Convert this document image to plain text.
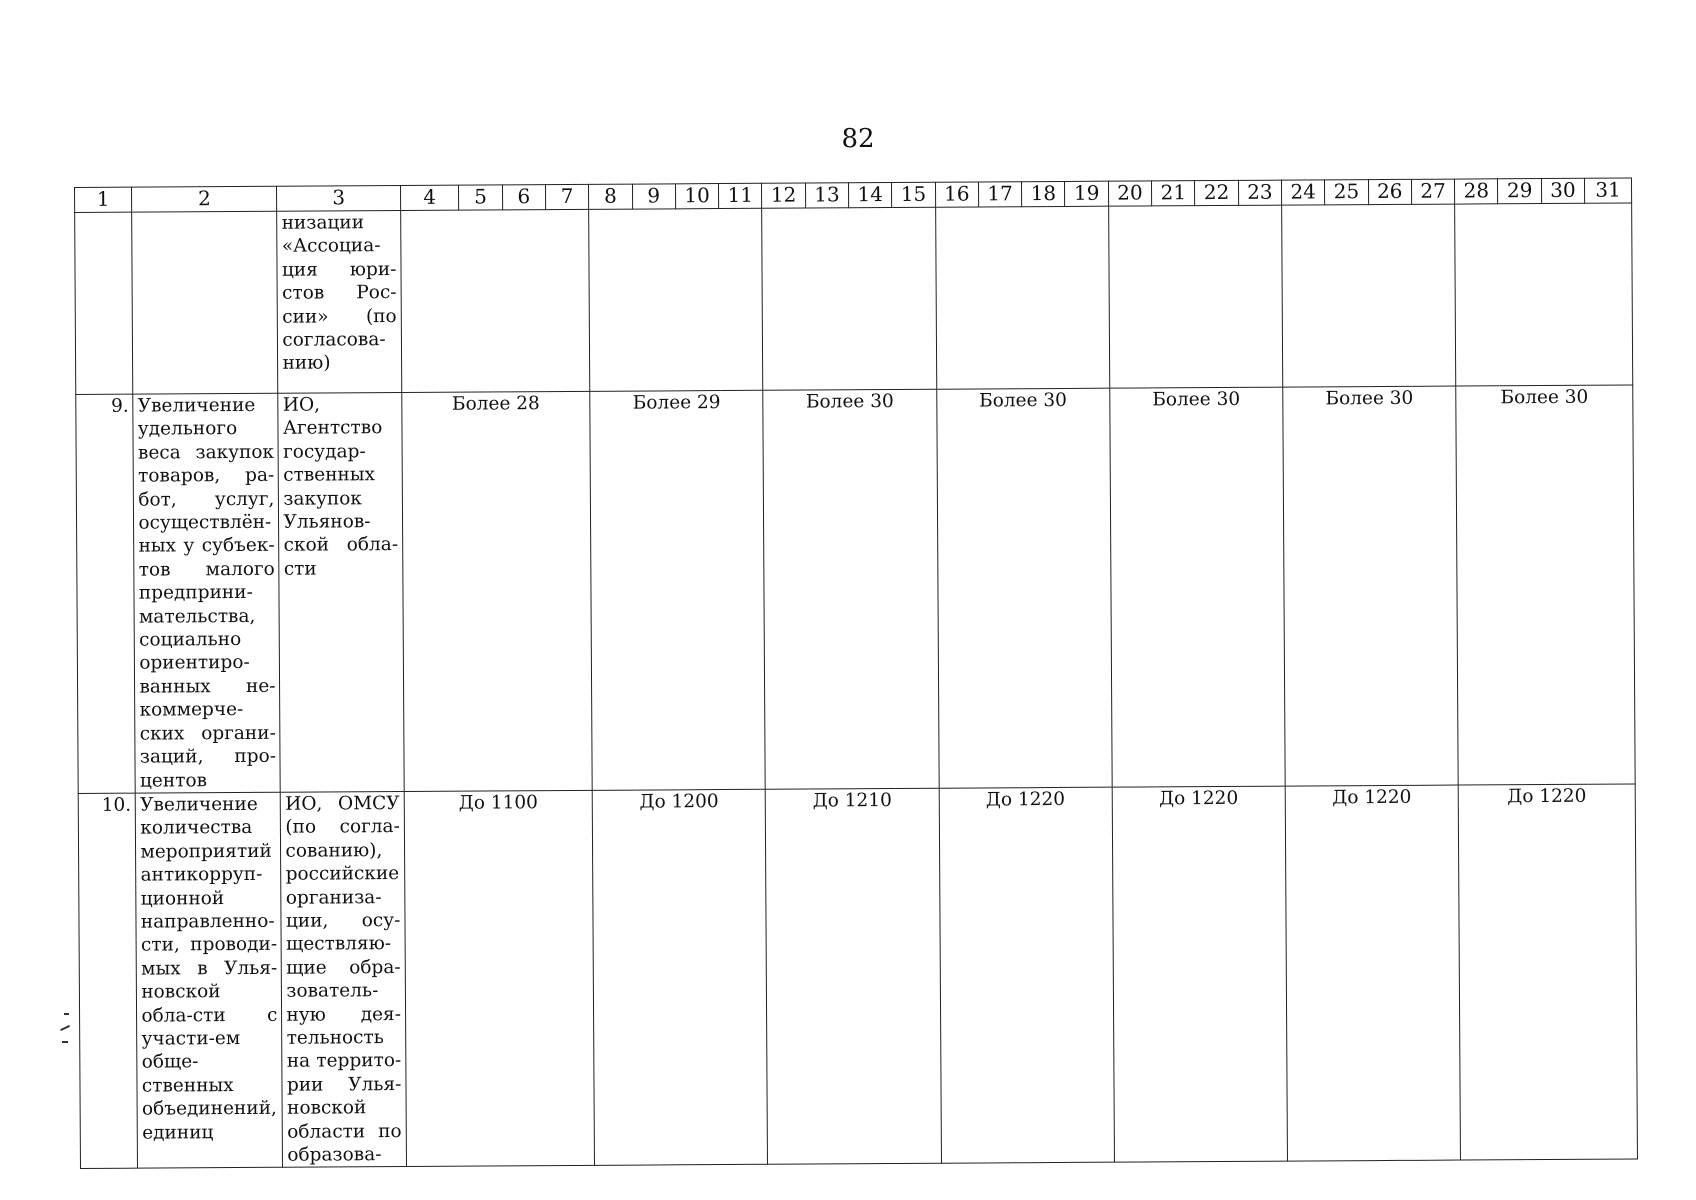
82
1	2	3	4	5	6	7	8	9	10	11	12	13	14	15	16	17	18	19	20	21	22	23	24	25	26	27	28	29	30	31
		низации «Ассоциа-ция юри-стов Рос-сии» (по согласова-нию)																												
9.	Увеличение удельного веса закупок товаров, ра-бот, услуг, осуществлён-ных у субъек-тов малого предприни-мательства, социально ориентиро-ванных не-коммерче-ских органи-заций, про-центов	ИО, Агентство государ-ственных закупок Ульянов-ской обла-сти	Более 28				Более 29				Более 30				Более 30				Более 30				Более 30				Более 30			
10.	Увеличение количества мероприятий антикорруп-ционной направленно-сти, проводи-мых в Улья-новской обла-сти с участи-ем обще-ственных объединений, единиц	ИО, ОМСУ (по согла-сованию), российские организа-ции, осу-ществляю-щие обра-зователь-ную дея-тельность на террито-рии Улья-новской области по образова-	До 1100				До 1200				До 1210				До 1220				До 1220				До 1220				До 1220			
